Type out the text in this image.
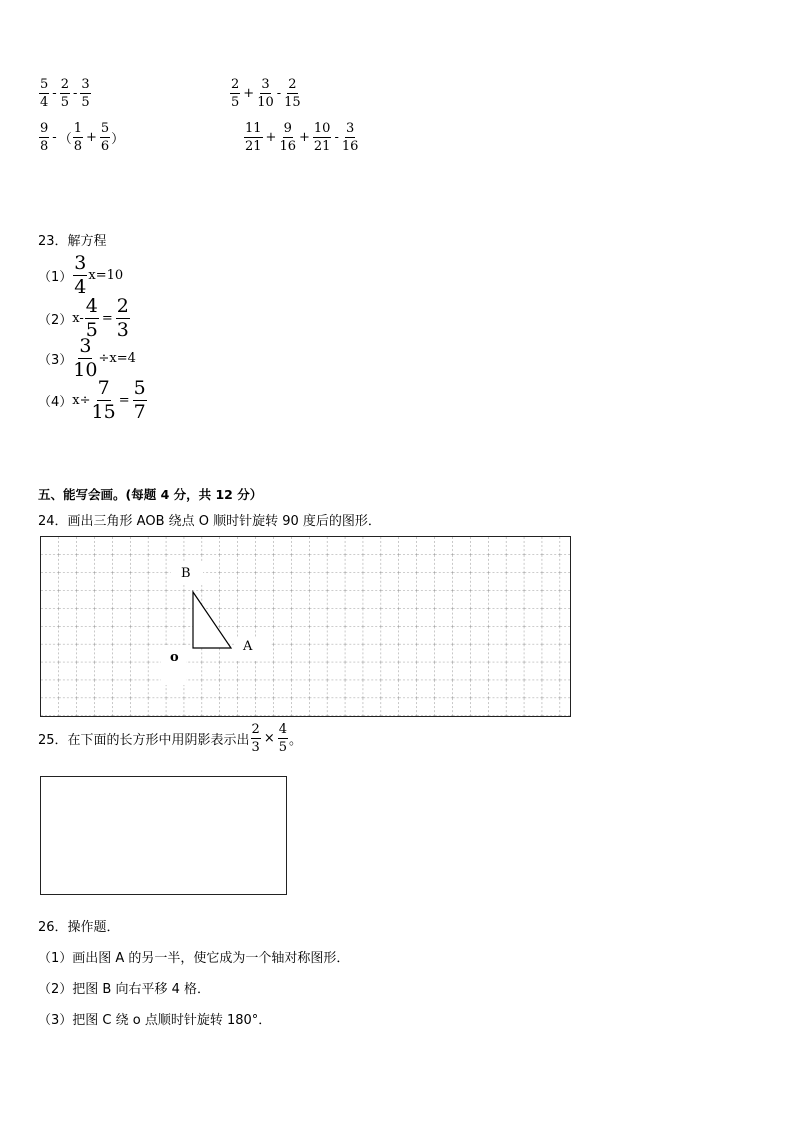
$\frac{5}{4} - \frac{2}{5} - \frac{3}{5}$	$\frac{2}{5} + \frac{3}{10} - \frac{2}{15}$
$\frac{9}{8}$ - （ $\frac{1}{8} + \frac{5}{6}$ ）	$\frac{11}{21} + \frac{9}{16} + \frac{10}{21} - \frac{3}{16}$
23．解方程
$(1) \frac{3}{4} x=10$
（2） $x- \frac{4}{5} = \frac{2}{3}$
$(3) \frac{3}{10} \div x=4$
（4） $x\div \frac{7}{15} = \frac{5}{7}$
五、能写会画。(每题 4 分，共 12 分）
24．画出三角形 AOB 绕点 O 顺时针旋转 90 度后的图形．
B
A
o
25．在下面的长方形中用阴影表示出 $\frac{2}{3} \times \frac{4}{5}$ 。
26．操作题．
（1）画出图 A 的另一半，使它成为一个轴对称图形．
（2）把图 B 向右平移 4 格．
（3）把图 C 绕 o 点顺时针旋转 180°．
